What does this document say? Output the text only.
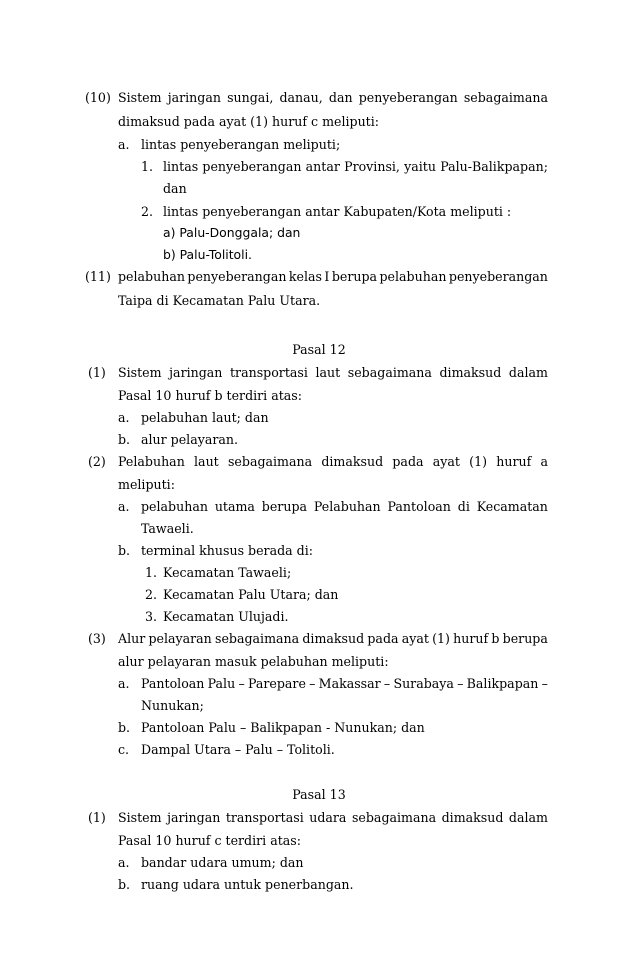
(10) Sistem jaringan sungai, danau, dan penyeberangan sebagaimana
dimaksud pada ayat (1) huruf c meliputi:
a. lintas penyeberangan meliputi;
1. lintas penyeberangan antar Provinsi, yaitu Palu-Balikpapan;
dan
2. lintas penyeberangan antar Kabupaten/Kota meliputi :
a) Palu-Donggala; dan
b) Palu-Tolitoli.
(11) pelabuhan penyeberangan kelas I berupa pelabuhan penyeberangan
Taipa di Kecamatan Palu Utara.
Pasal 12
(1) Sistem jaringan transportasi laut sebagaimana dimaksud dalam
Pasal 10 huruf b terdiri atas:
a. pelabuhan laut; dan
b. alur pelayaran.
(2) Pelabuhan laut sebagaimana dimaksud pada ayat (1) huruf a
meliputi:
a. pelabuhan utama berupa Pelabuhan Pantoloan di Kecamatan
Tawaeli.
b. terminal khusus berada di:
1. Kecamatan Tawaeli;
2. Kecamatan Palu Utara; dan
3. Kecamatan Ulujadi.
(3) Alur pelayaran sebagaimana dimaksud pada ayat (1) huruf b berupa
alur pelayaran masuk pelabuhan meliputi:
a. Pantoloan Palu – Parepare – Makassar – Surabaya – Balikpapan –
Nunukan;
b. Pantoloan Palu – Balikpapan - Nunukan; dan
c. Dampal Utara – Palu – Tolitoli.
Pasal 13
(1) Sistem jaringan transportasi udara sebagaimana dimaksud dalam
Pasal 10 huruf c terdiri atas:
a. bandar udara umum; dan
b. ruang udara untuk penerbangan.
